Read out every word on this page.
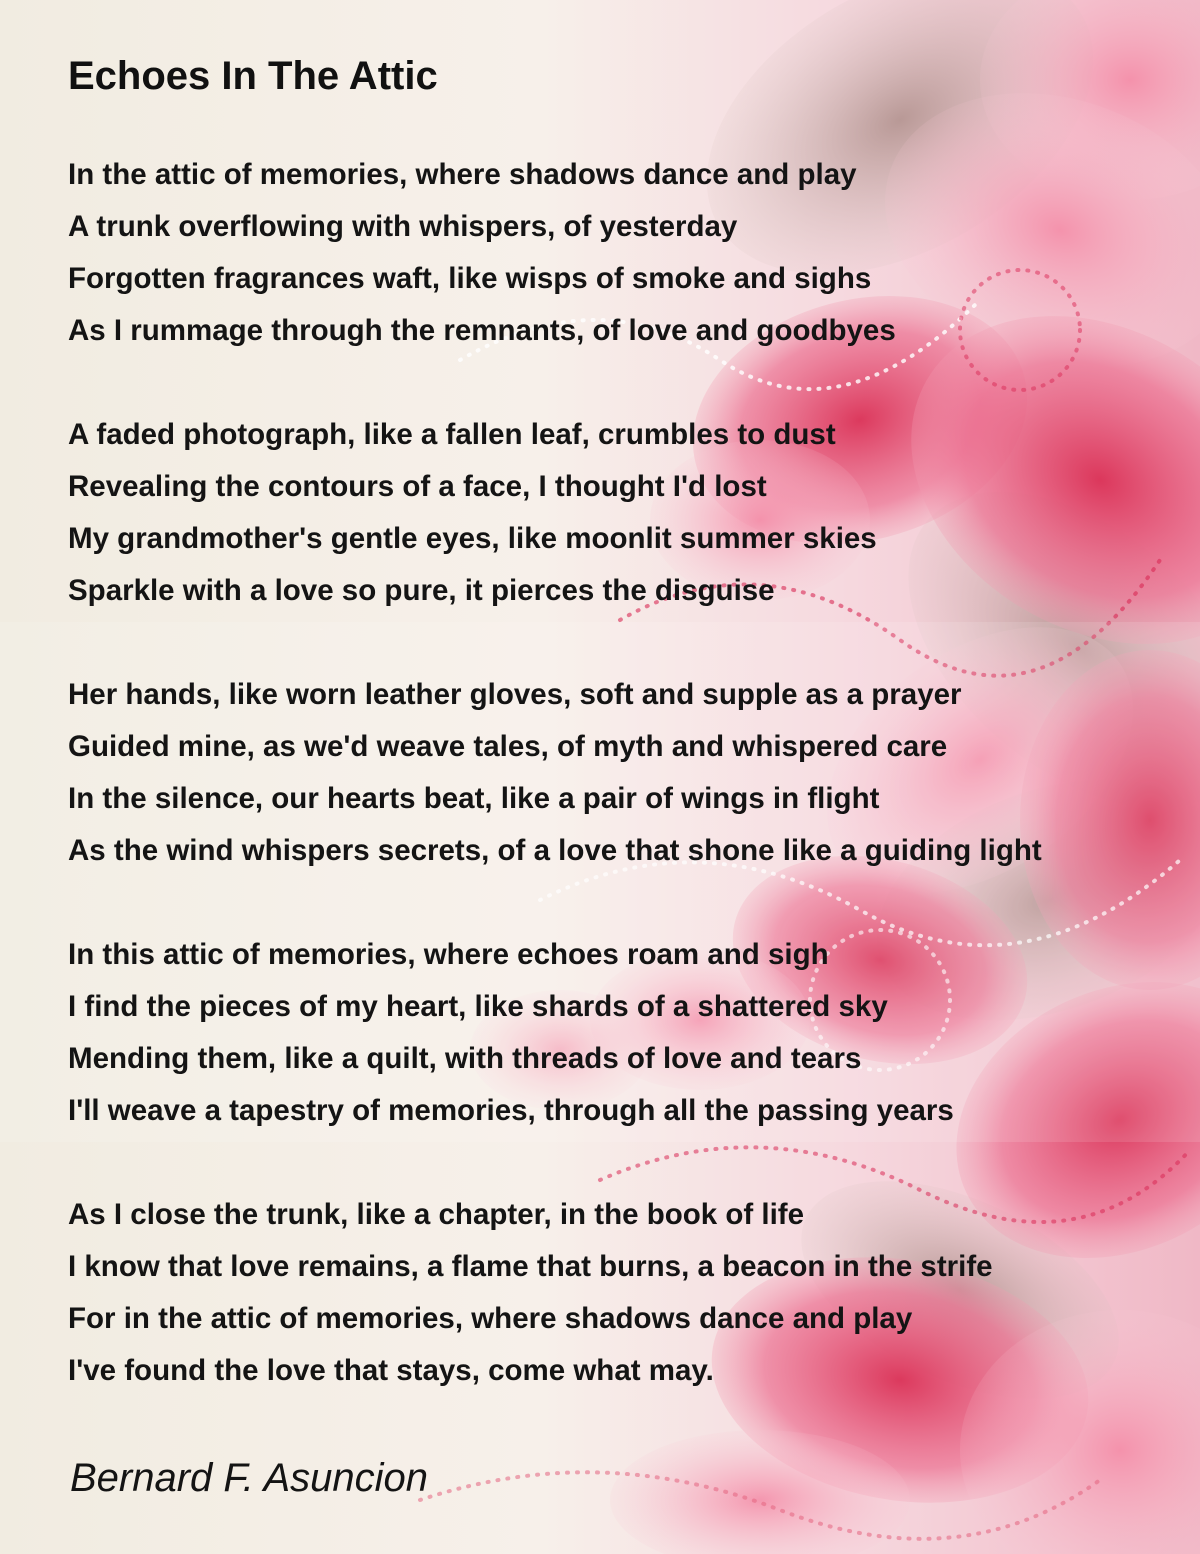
Echoes In The Attic
In the attic of memories, where shadows dance and play
A trunk overflowing with whispers, of yesterday
Forgotten fragrances waft, like wisps of smoke and sighs
As I rummage through the remnants, of love and goodbyes
A faded photograph, like a fallen leaf, crumbles to dust
Revealing the contours of a face, I thought I'd lost
My grandmother's gentle eyes, like moonlit summer skies
Sparkle with a love so pure, it pierces the disguise
Her hands, like worn leather gloves, soft and supple as a prayer
Guided mine, as we'd weave tales, of myth and whispered care
In the silence, our hearts beat, like a pair of wings in flight
As the wind whispers secrets, of a love that shone like a guiding light
In this attic of memories, where echoes roam and sigh
I find the pieces of my heart, like shards of a shattered sky
Mending them, like a quilt, with threads of love and tears
I'll weave a tapestry of memories, through all the passing years
As I close the trunk, like a chapter, in the book of life
I know that love remains, a flame that burns, a beacon in the strife
For in the attic of memories, where shadows dance and play
I've found the love that stays, come what may.
Bernard F. Asuncion
